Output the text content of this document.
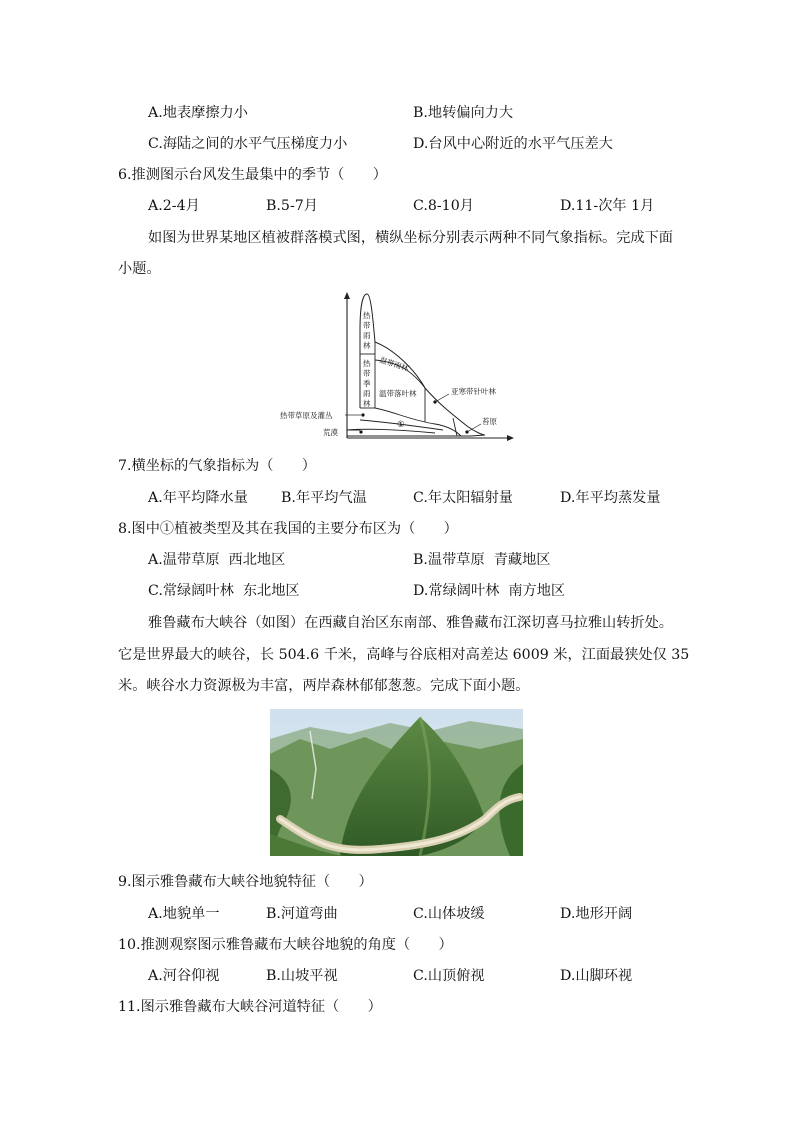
A.地表摩擦力小	B.地转偏向力大
C.海陆之间的水平气压梯度力小	D.台风中心附近的水平气压差大
6.推测图示台风发生最集中的季节（　　）
A.2-4月	B.5-7月	C.8-10月	D.11-次年 1月
如图为世界某地区植被群落模式图，横纵坐标分别表示两种不同气象指标。完成下面
小题。
热
带
雨
林
热
带
季
雨
林
温带雨林
温带落叶林	亚寒带针叶林
热带草原及灌丛
荒漠
①	苔原
7.横坐标的气象指标为（　　）
A.年平均降水量 B.年平均气温	C.年太阳辐射量	D.年平均蒸发量
8.图中①植被类型及其在我国的主要分布区为（　　）
A.温带草原  西北地区	B.温带草原  青藏地区
C.常绿阔叶林  东北地区	D.常绿阔叶林  南方地区
雅鲁藏布大峡谷（如图）在西藏自治区东南部、雅鲁藏布江深切喜马拉雅山转折处。
它是世界最大的峡谷，长 504.6 千米，高峰与谷底相对高差达 6009 米，江面最狭处仅 35
米。峡谷水力资源极为丰富，两岸森林郁郁葱葱。完成下面小题。
9.图示雅鲁藏布大峡谷地貌特征（　　）
A.地貌单一	B.河道弯曲	C.山体坡缓	D.地形开阔
10.推测观察图示雅鲁藏布大峡谷地貌的角度（　　）
A.河谷仰视	B.山坡平视	C.山顶俯视	D.山脚环视
11.图示雅鲁藏布大峡谷河道特征（　　）
